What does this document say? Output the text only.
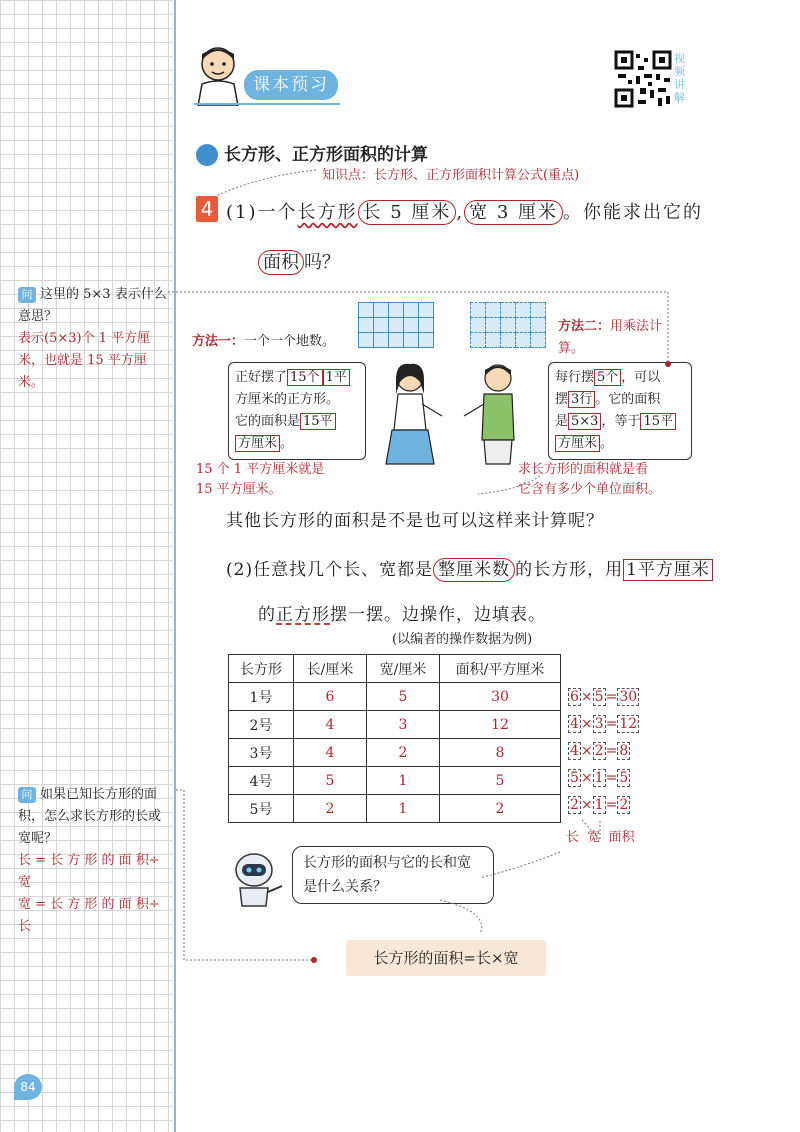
问 这里的 5×3 表示什么意思？
表示(5×3)个 1 平方厘米，也就是 15 平方厘米。
问 如果已知长方形的面积，怎么求长方形的长或宽呢？
长 = 长 方 形 的 面 积÷宽
宽 = 长 方 形 的 面 积÷长
84
课本预习
视频讲解
长方形、正方形面积的计算
知识点：长方形、正方形面积计算公式(重点)
4 (1)一个长方形 长 5 厘米 , 宽 3 厘米 。你能求出它的
面积 吗？

方法一：一个一个地数。
方法二：用乘法计算。
正好摆了 15个 1平
方厘米的正方形。
它的面积是 15平
方厘米 。
每行摆 5个 ，可以
摆 3行 。它的面积
是 5×3 ，等于 15平
方厘米 。
15 个 1 平方厘米就是
15 平方厘米。
求长方形的面积就是看
它含有多少个单位面积。
其他长方形的面积是不是也可以这样来计算呢？
(2)任意找几个长、宽都是 整厘米数 的长方形，用 1平方厘米
的正方形摆一摆。边操作，边填表。
(以编者的操作数据为例)
长方形	长/厘米	宽/厘米	面积/平方厘米
1号	6	5	30
2号	4	3	12
3号	4	2	8
4号	5	1	5
5号	2	1	2
6 × 5 = 30
4 × 3 = 12
4 × 2 = 8
5 × 1 = 5
2 × 1 = 2
长 宽 面积
长方形的面积与它的长和宽是什么关系？
长方形的面积=长×宽
